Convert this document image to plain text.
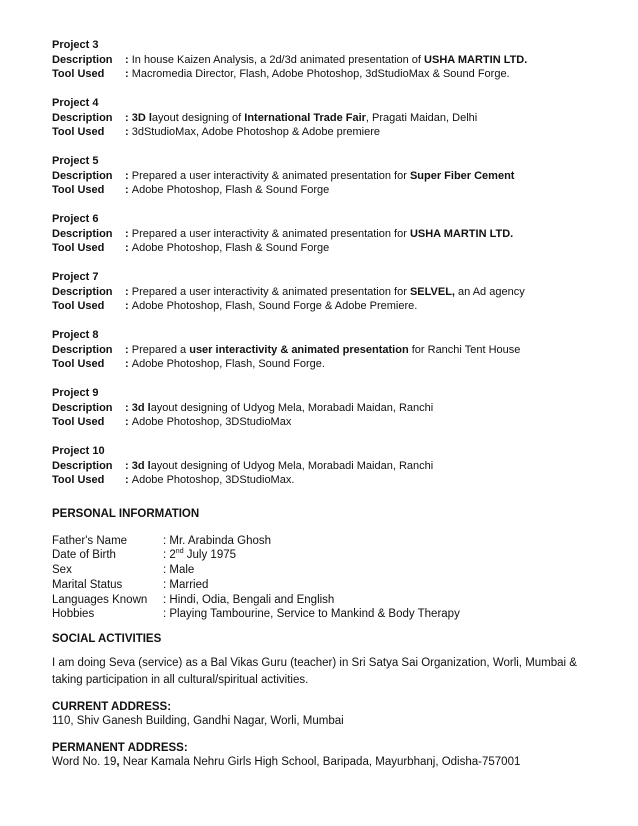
Project 3
Description	: In house Kaizen Analysis, a 2d/3d animated presentation of USHA MARTIN LTD.
Tool Used	: Macromedia Director, Flash, Adobe Photoshop, 3dStudioMax & Sound Forge.
Project 4
Description	: 3D layout designing of International Trade Fair, Pragati Maidan, Delhi
Tool Used	: 3dStudioMax, Adobe Photoshop & Adobe premiere
Project 5
Description	: Prepared a user interactivity & animated presentation for Super Fiber Cement
Tool Used	: Adobe Photoshop, Flash & Sound Forge
Project 6
Description	: Prepared a user interactivity & animated presentation for USHA MARTIN LTD.
Tool Used	: Adobe Photoshop, Flash & Sound Forge
Project 7
Description	: Prepared a user interactivity & animated presentation for SELVEL, an Ad agency
Tool Used	: Adobe Photoshop, Flash, Sound Forge & Adobe Premiere.
Project 8
Description	: Prepared a user interactivity & animated presentation for Ranchi Tent House
Tool Used	: Adobe Photoshop, Flash, Sound Forge.
Project 9
Description	: 3d layout designing of Udyog Mela, Morabadi Maidan, Ranchi
Tool Used	: Adobe Photoshop, 3DStudioMax
Project 10
Description	: 3d layout designing of Udyog Mela, Morabadi Maidan, Ranchi
Tool Used	: Adobe Photoshop, 3DStudioMax.
PERSONAL INFORMATION
Father's Name	: Mr. Arabinda Ghosh
Date of Birth	: 2nd July 1975
Sex	: Male
Marital Status	: Married
Languages Known	: Hindi, Odia, Bengali and English
Hobbies	: Playing Tambourine, Service to Mankind & Body Therapy
SOCIAL ACTIVITIES
I am doing Seva (service) as a Bal Vikas Guru (teacher) in Sri Satya Sai Organization, Worli, Mumbai &
taking participation in all cultural/spiritual activities.
CURRENT ADDRESS:
110, Shiv Ganesh Building, Gandhi Nagar, Worli, Mumbai
PERMANENT ADDRESS:
Word No. 19, Near Kamala Nehru Girls High School, Baripada, Mayurbhanj, Odisha-757001
